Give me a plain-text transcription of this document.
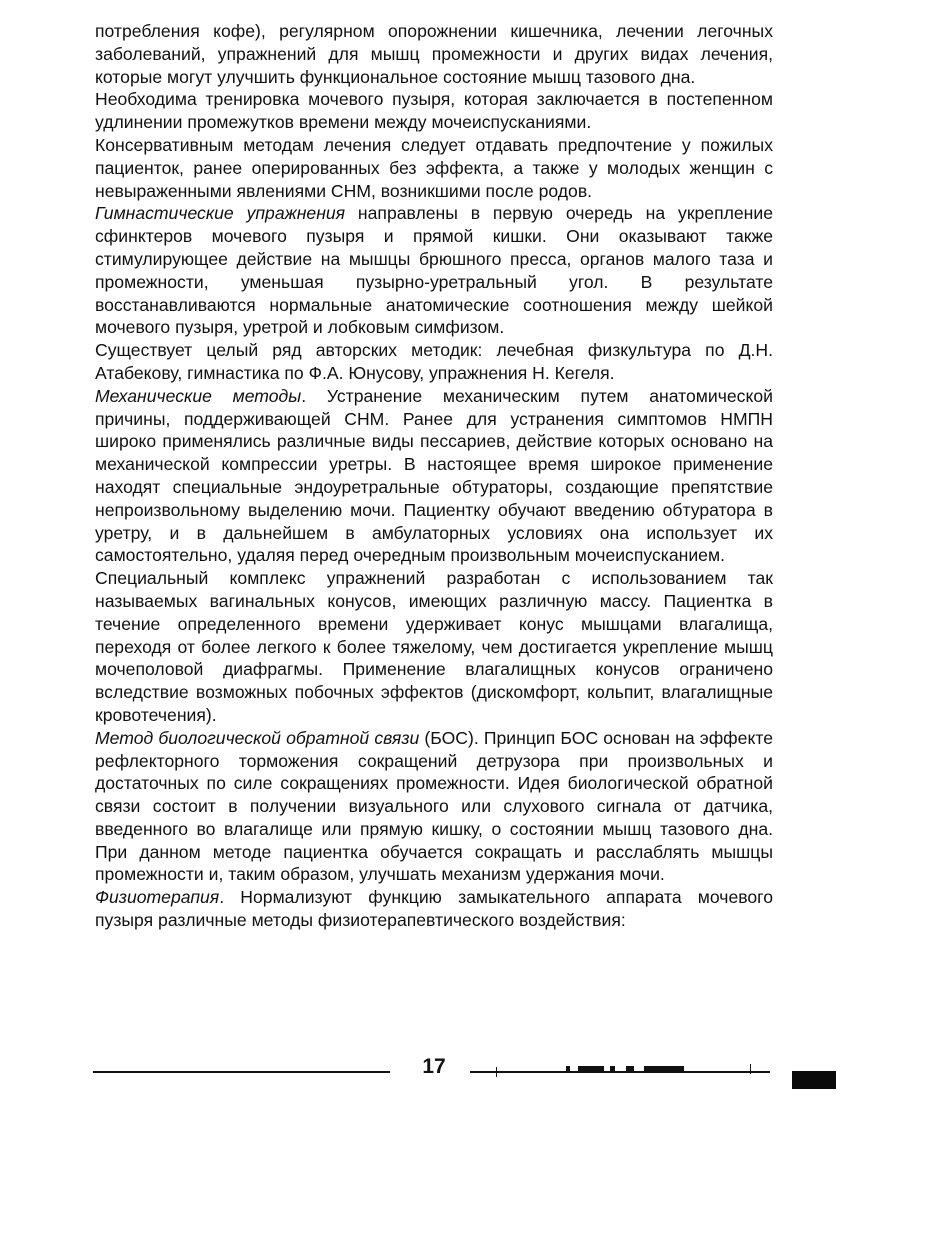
потребления кофе), регулярном опорожнении кишечника, лечении легочных заболеваний, упражнений для мышц промежности и других видах лечения, которые могут улучшить функциональное состояние мышц тазового дна.

Необходима тренировка мочевого пузыря, которая заключается в постепенном удлинении промежутков времени между мочеиспусканиями.

Консервативным методам лечения следует отдавать предпочтение у пожилых пациенток, ранее оперированных без эффекта, а также у молодых женщин с невыраженными явлениями СНМ, возникшими после родов.

Гимнастические упражнения направлены в первую очередь на укрепление сфинктеров мочевого пузыря и прямой кишки. Они оказывают также стимулирующее действие на мышцы брюшного пресса, органов малого таза и промежности, уменьшая пузырно-уретральный угол. В результате восстанавливаются нормальные анатомические соотношения между шейкой мочевого пузыря, уретрой и лобковым симфизом.

Существует целый ряд авторских методик: лечебная физкультура по Д.Н. Атабекову, гимнастика по Ф.А. Юнусову, упражнения Н. Кегеля.

Механические методы. Устранение механическим путем анатомической причины, поддерживающей СНМ. Ранее для устранения симптомов НМПН широко применялись различные виды пессариев, действие которых основано на механической компрессии уретры. В настоящее время широкое применение находят специальные эндоуретральные обтураторы, создающие препятствие непроизвольному выделению мочи. Пациентку обучают введению обтуратора в уретру, и в дальнейшем в амбулаторных условиях она использует их самостоятельно, удаляя перед очередным произвольным мочеиспусканием.

Специальный комплекс упражнений разработан с использованием так называемых вагинальных конусов, имеющих различную массу. Пациентка в течение определенного времени удерживает конус мышцами влагалища, переходя от более легкого к более тяжелому, чем достигается укрепление мышц мочеполовой диафрагмы. Применение влагалищных конусов ограничено вследствие возможных побочных эффектов (дискомфорт, кольпит, влагалищные кровотечения).

Метод биологической обратной связи (БОС). Принцип БОС основан на эффекте рефлекторного торможения сокращений детрузора при произвольных и достаточных по силе сокращениях промежности. Идея биологической обратной связи состоит в получении визуального или слухового сигнала от датчика, введенного во влагалище или прямую кишку, о состоянии мышц тазового дна. При данном методе пациентка обучается сокращать и расслаблять мышцы промежности и, таким образом, улучшать механизм удержания мочи.

Физиотерапия. Нормализуют функцию замыкательного аппарата мочевого пузыря различные методы физиотерапевтического воздействия:

17
